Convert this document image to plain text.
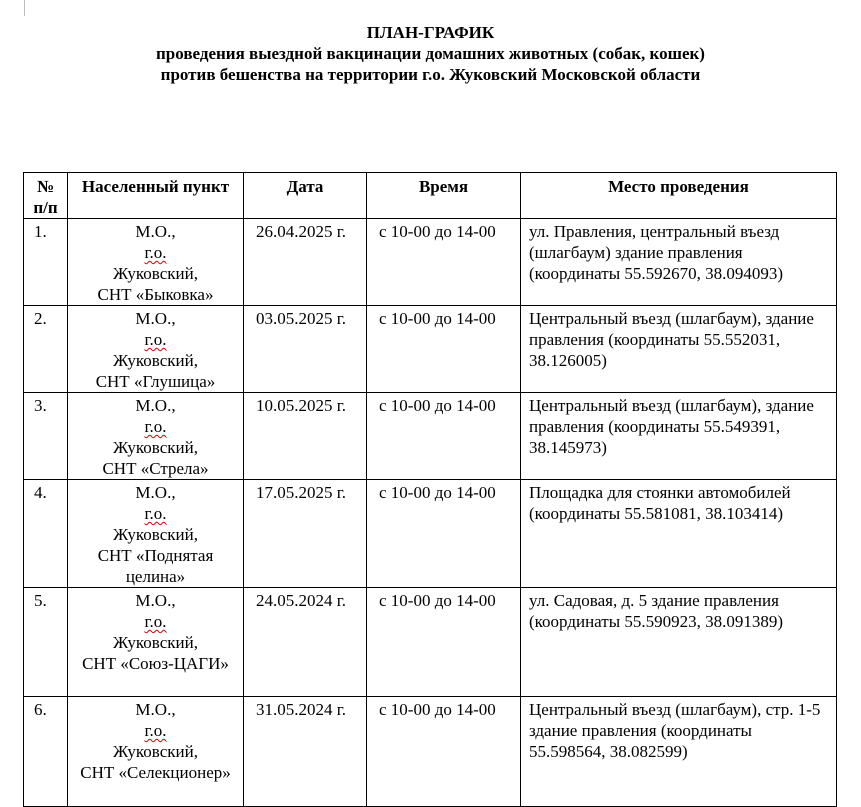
ПЛАН-ГРАФИК
проведения выездной вакцинации домашних животных (собак, кошек)
против бешенства на территории г.о. Жуковский Московской области
№ п/п	Населенный пункт	Дата	Время	Место проведения
1.	М.О.,
г.о.
Жуковский,
СНТ «Быковка»	26.04.2025 г.	с 10-00 до 14-00	ул. Правления, центральный въезд (шлагбаум) здание правления (координаты 55.592670, 38.094093)
2.	М.О.,
г.о.
Жуковский,
СНТ «Глушица»	03.05.2025 г.	с 10-00 до 14-00	Центральный въезд (шлагбаум), здание правления (координаты 55.552031, 38.126005)
3.	М.О.,
г.о.
Жуковский,
СНТ «Стрела»	10.05.2025 г.	с 10-00 до 14-00	Центральный въезд (шлагбаум), здание правления (координаты 55.549391, 38.145973)
4.	М.О.,
г.о.
Жуковский,
СНТ «Поднятая целина»	17.05.2025 г.	с 10-00 до 14-00	Площадка для стоянки автомобилей (координаты 55.581081, 38.103414)
5.	М.О.,
г.о.
Жуковский,
СНТ «Союз-ЦАГИ»	24.05.2024 г.	с 10-00 до 14-00	ул. Садовая, д. 5 здание правления (координаты 55.590923, 38.091389)
6.	М.О.,
г.о.
Жуковский,
СНТ «Селекционер»	31.05.2024 г.	с 10-00 до 14-00	Центральный въезд (шлагбаум), стр. 1-5 здание правления (координаты 55.598564, 38.082599)
